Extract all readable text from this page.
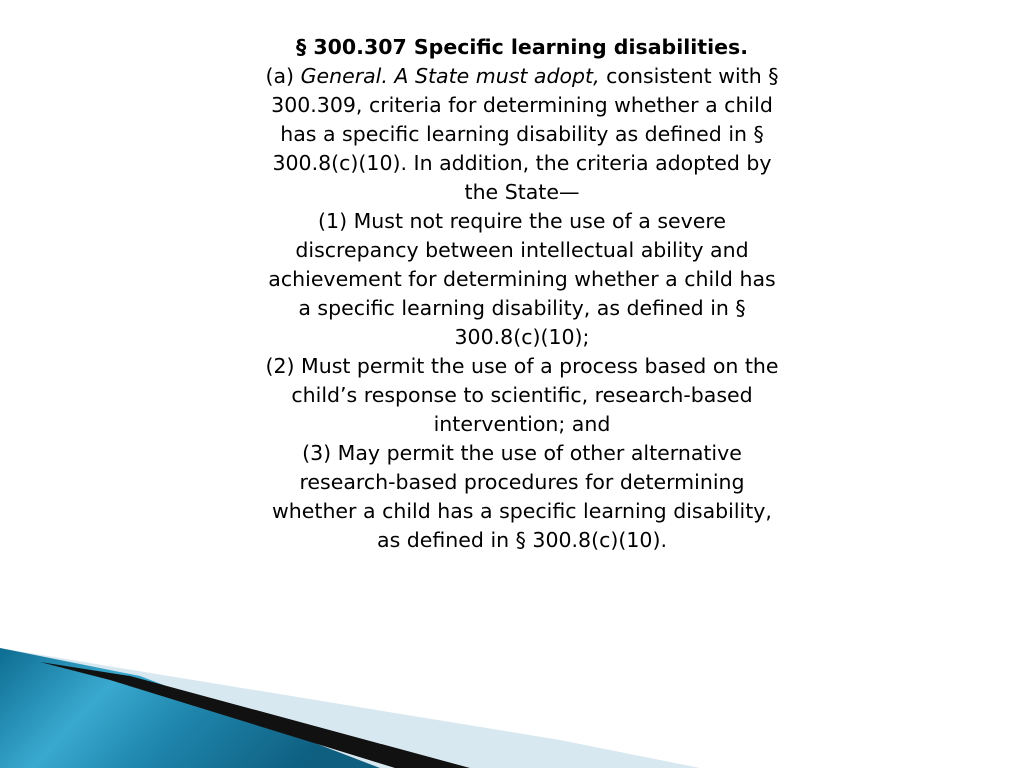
§ 300.307 Specific learning disabilities.

(a) General. A State must adopt, consistent with § 300.309, criteria for determining whether a child has a specific learning disability as defined in § 300.8(c)(10). In addition, the criteria adopted by the State—

(1) Must not require the use of a severe discrepancy between intellectual ability and achievement for determining whether a child has a specific learning disability, as defined in § 300.8(c)(10);

(2) Must permit the use of a process based on the child’s response to scientific, research-based intervention; and

(3) May permit the use of other alternative research-based procedures for determining whether a child has a specific learning disability, as defined in § 300.8(c)(10).
